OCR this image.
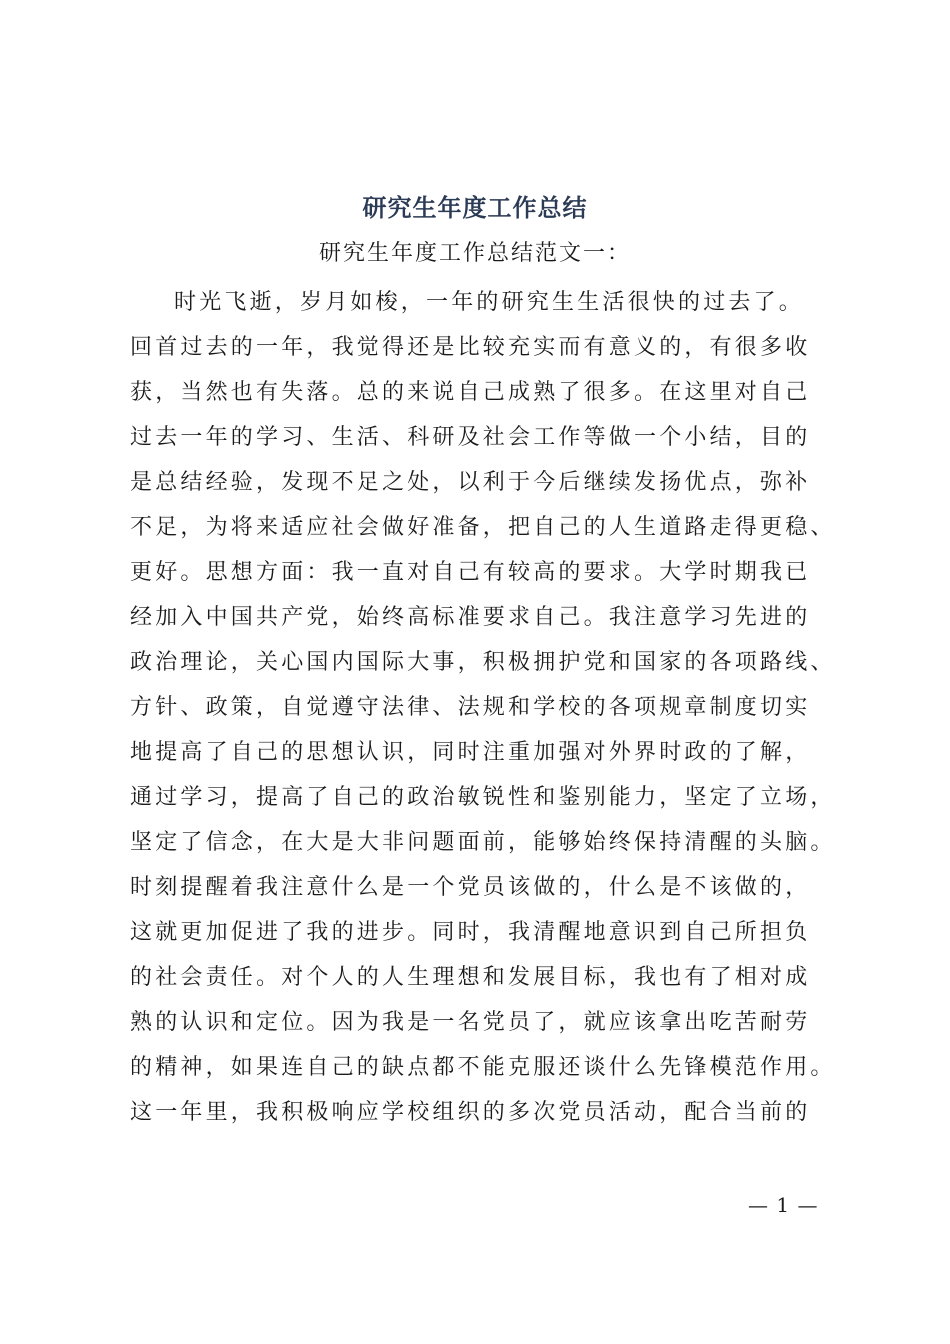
研究生年度工作总结

研究生年度工作总结范文一：

时光飞逝，岁月如梭，一年的研究生生活很快的过去了。
回首过去的一年，我觉得还是比较充实而有意义的，有很多收
获，当然也有失落。总的来说自己成熟了很多。在这里对自己
过去一年的学习、生活、科研及社会工作等做一个小结，目的
是总结经验，发现不足之处，以利于今后继续发扬优点，弥补
不足，为将来适应社会做好准备，把自己的人生道路走得更稳、
更好。思想方面：我一直对自己有较高的要求。大学时期我已
经加入中国共产党，始终高标准要求自己。我注意学习先进的
政治理论，关心国内国际大事，积极拥护党和国家的各项路线、
方针、政策，自觉遵守法律、法规和学校的各项规章制度切实
地提高了自己的思想认识，同时注重加强对外界时政的了解，
通过学习，提高了自己的政治敏锐性和鉴别能力，坚定了立场，
坚定了信念，在大是大非问题面前，能够始终保持清醒的头脑。
时刻提醒着我注意什么是一个党员该做的，什么是不该做的，
这就更加促进了我的进步。同时，我清醒地意识到自己所担负
的社会责任。对个人的人生理想和发展目标，我也有了相对成
熟的认识和定位。因为我是一名党员了，就应该拿出吃苦耐劳
的精神，如果连自己的缺点都不能克服还谈什么先锋模范作用。
这一年里，我积极响应学校组织的多次党员活动，配合当前的
— 1 —
